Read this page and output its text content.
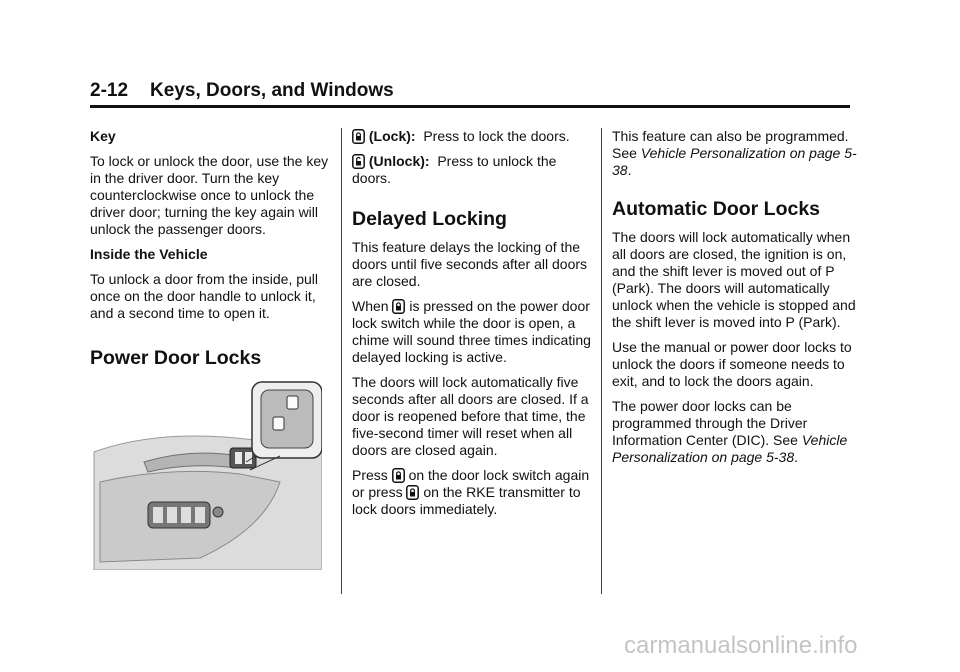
2-12 Keys, Doors, and Windows

Key

To lock or unlock the door, use the key in the driver door. Turn the key counterclockwise once to unlock the driver door; turning the key again will unlock the passenger doors.

Inside the Vehicle

To unlock a door from the inside, pull once on the door handle to unlock it, and a second time to open it.

Power Door Locks

(Lock): Press to lock the doors.

(Unlock): Press to unlock the doors.

Delayed Locking

This feature delays the locking of the doors until five seconds after all doors are closed.

When is pressed on the power door lock switch while the door is open, a chime will sound three times indicating delayed locking is active.

The doors will lock automatically five seconds after all doors are closed. If a door is reopened before that time, the five-second timer will reset when all doors are closed again.

Press on the door lock switch again or press on the RKE transmitter to lock doors immediately.

This feature can also be programmed. See Vehicle Personalization on page 5-38.

Automatic Door Locks

The doors will lock automatically when all doors are closed, the ignition is on, and the shift lever is moved out of P (Park). The doors will automatically unlock when the vehicle is stopped and the shift lever is moved into P (Park).

Use the manual or power door locks to unlock the doors if someone needs to exit, and to lock the doors again.

The power door locks can be programmed through the Driver Information Center (DIC). See Vehicle Personalization on page 5-38.

carmanualsonline.info
